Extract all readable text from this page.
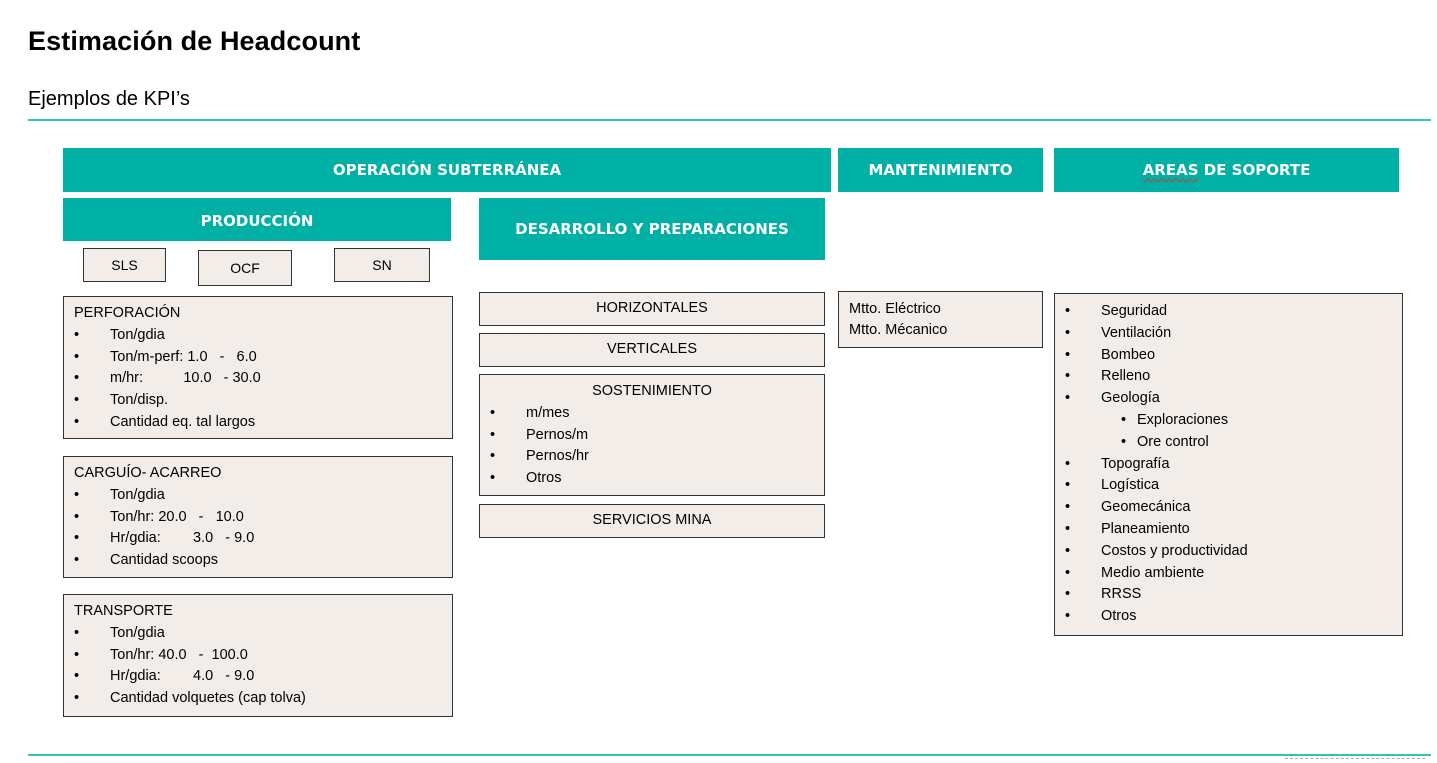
Estimación de Headcount
Ejemplos de KPI’s
OPERACIÓN SUBTERRÁNEA	MANTENIMIENTO	AREAS DE SOPORTE
PRODUCCIÓN	DESARROLLO Y PREPARACIONES
SLS	OCF	SN
PERFORACIÓN
• Ton/gdia
• Ton/m-perf: 1.0   -   6.0
• m/hr:          10.0   - 30.0
• Ton/disp.
• Cantidad eq. tal largos
CARGUÍO- ACARREO
• Ton/gdia
• Ton/hr: 20.0   -   10.0
• Hr/gdia:        3.0   - 9.0
• Cantidad scoops
TRANSPORTE
• Ton/gdia
• Ton/hr: 40.0   -  100.0
• Hr/gdia:        4.0   - 9.0
• Cantidad volquetes (cap tolva)
HORIZONTALES
VERTICALES
SOSTENIMIENTO
• m/mes
• Pernos/m
• Pernos/hr
• Otros
SERVICIOS MINA
Mtto. Eléctrico
Mtto. Mécanico
• Seguridad
• Ventilación
• Bombeo
• Relleno
• Geología
• Exploraciones
• Ore control
• Topografía
• Logística
• Geomecánica
• Planeamiento
• Costos y productividad
• Medio ambiente
• RRSS
• Otros
